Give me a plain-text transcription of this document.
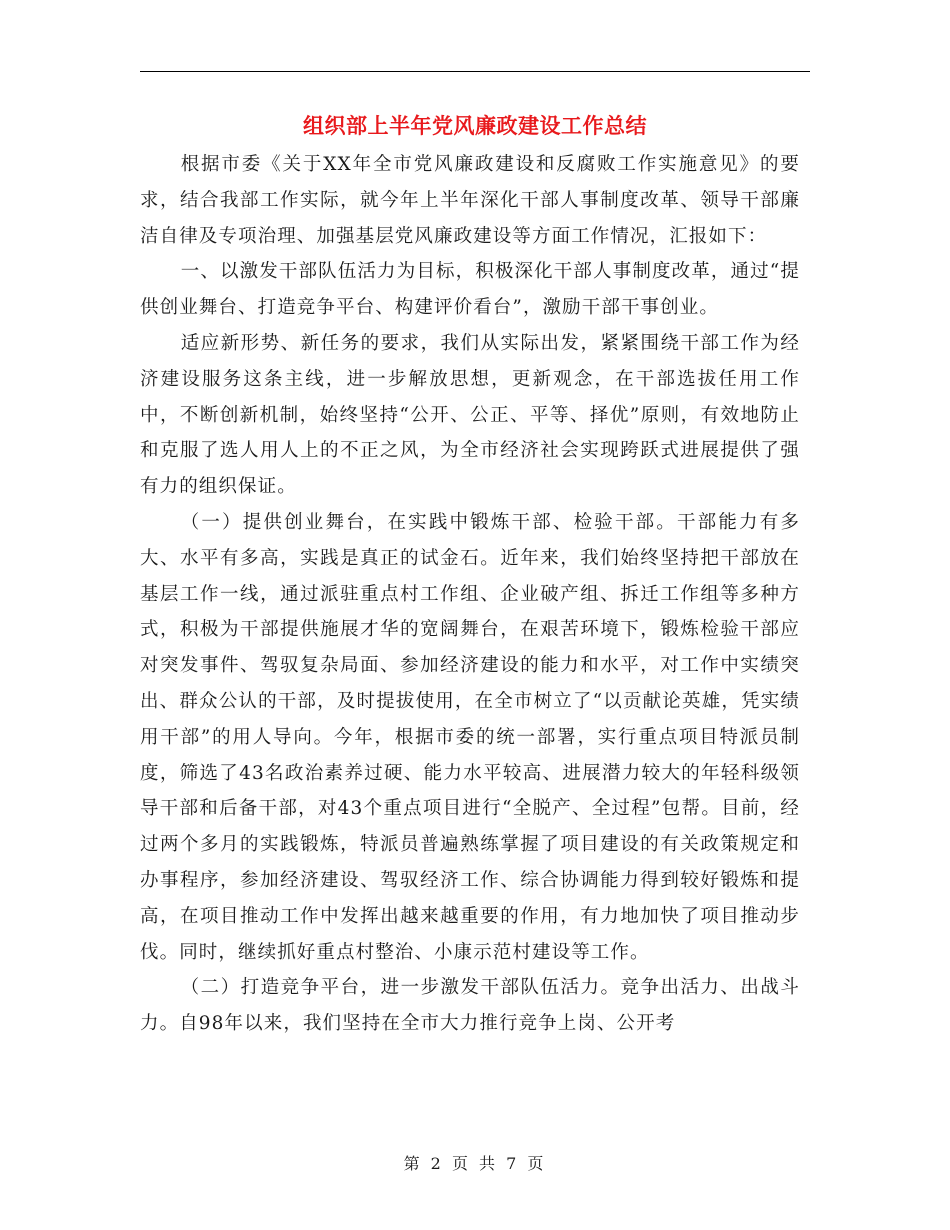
组织部上半年党风廉政建设工作总结

根据市委《关于XX年全市党风廉政建设和反腐败工作实施意见》的要求，结合我部工作实际，就今年上半年深化干部人事制度改革、领导干部廉洁自律及专项治理、加强基层党风廉政建设等方面工作情况，汇报如下：

一、以激发干部队伍活力为目标，积极深化干部人事制度改革，通过“提供创业舞台、打造竞争平台、构建评价看台”，激励干部干事创业。

适应新形势、新任务的要求，我们从实际出发，紧紧围绕干部工作为经济建设服务这条主线，进一步解放思想，更新观念，在干部选拔任用工作中，不断创新机制，始终坚持“公开、公正、平等、择优”原则，有效地防止和克服了选人用人上的不正之风，为全市经济社会实现跨跃式进展提供了强有力的组织保证。

（一）提供创业舞台，在实践中锻炼干部、检验干部。干部能力有多大、水平有多高，实践是真正的试金石。近年来，我们始终坚持把干部放在基层工作一线，通过派驻重点村工作组、企业破产组、拆迁工作组等多种方式，积极为干部提供施展才华的宽阔舞台，在艰苦环境下，锻炼检验干部应对突发事件、驾驭复杂局面、参加经济建设的能力和水平，对工作中实绩突出、群众公认的干部，及时提拔使用，在全市树立了“以贡献论英雄，凭实绩用干部”的用人导向。今年，根据市委的统一部署，实行重点项目特派员制度，筛选了43名政治素养过硬、能力水平较高、进展潜力较大的年轻科级领导干部和后备干部，对43个重点项目进行“全脱产、全过程”包帮。目前，经过两个多月的实践锻炼，特派员普遍熟练掌握了项目建设的有关政策规定和办事程序，参加经济建设、驾驭经济工作、综合协调能力得到较好锻炼和提高，在项目推动工作中发挥出越来越重要的作用，有力地加快了项目推动步伐。同时，继续抓好重点村整治、小康示范村建设等工作。

（二）打造竞争平台，进一步激发干部队伍活力。竞争出活力、出战斗力。自98年以来，我们坚持在全市大力推行竞争上岗、公开考

第 2 页 共 7 页
